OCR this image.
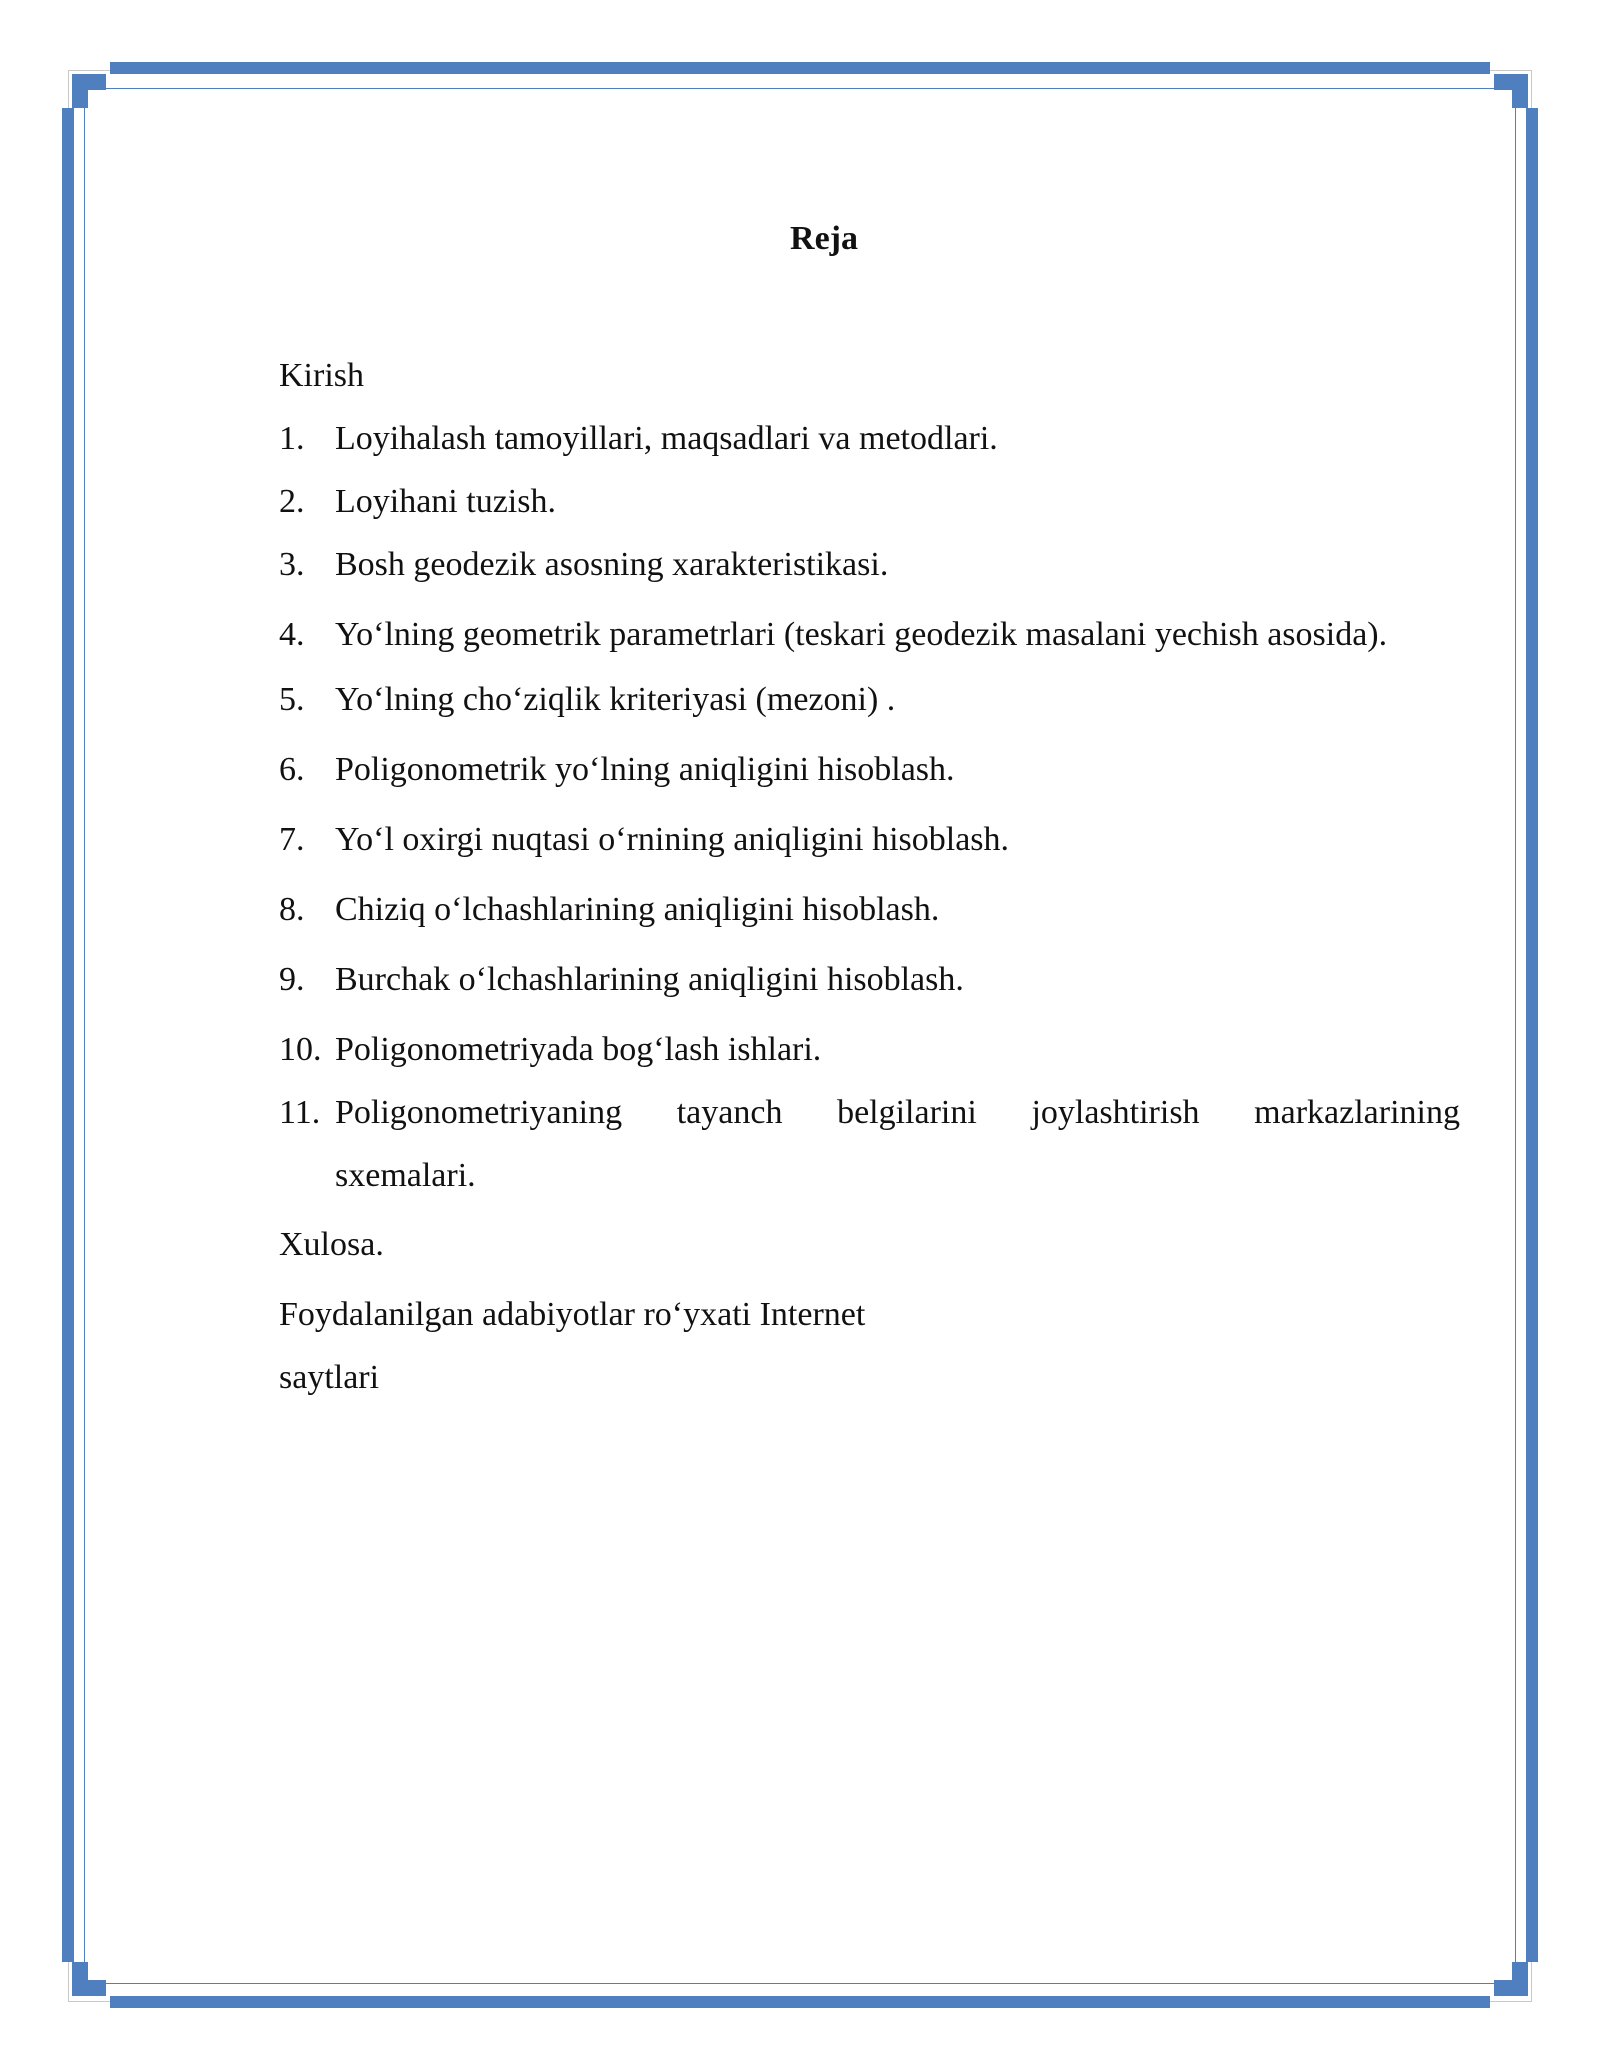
Reja
Kirish
1. Loyihalash tamoyillari, maqsadlari va metodlari.
2. Loyihani tuzish.
3. Bosh geodezik asosning xarakteristikasi.
4. Yo‘lning geometrik parametrlari (teskari geodezik masalani yechish asosida).
5. Yo‘lning cho‘ziqlik kriteriyasi (mezoni) .
6. Poligonometrik yo‘lning aniqligini hisoblash.
7. Yo‘l oxirgi nuqtasi o‘rnining aniqligini hisoblash.
8. Chiziq o‘lchashlarining aniqligini hisoblash.
9. Burchak o‘lchashlarining aniqligini hisoblash.
10. Poligonometriyada bog‘lash ishlari.
11. Poligonometriyaning tayanch belgilarini joylashtirish markazlarining
sxemalari.
Xulosa.
Foydalanilgan adabiyotlar ro‘yxati Internet
saytlari
